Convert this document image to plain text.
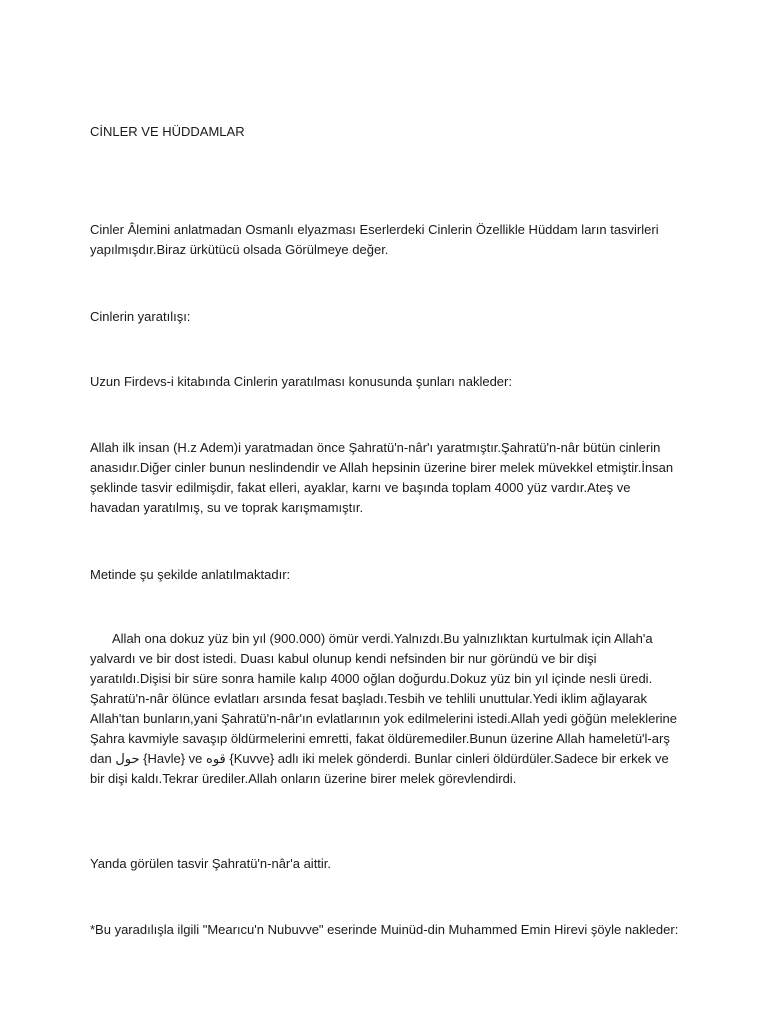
CİNLER VE HÜDDAMLAR

Cinler Âlemini anlatmadan Osmanlı elyazması Eserlerdeki Cinlerin Özellikle Hüddam ların tasvirleri yapılmışdır.Biraz ürkütücü olsada Görülmeye değer.

Cinlerin yaratılışı:

Uzun Firdevs-i kitabında Cinlerin yaratılması konusunda şunları nakleder:

Allah ilk insan (H.z Adem)i yaratmadan önce Şahratü'n-nâr'ı yaratmıştır.Şahratü'n-nâr bütün cinlerin anasıdır.Diğer cinler bunun neslindendir ve Allah hepsinin üzerine birer melek müvekkel etmiştir.İnsan şeklinde tasvir edilmişdir, fakat elleri, ayaklar, karnı ve başında toplam 4000 yüz vardır.Ateş ve havadan yaratılmış, su ve toprak karışmamıştır.

Metinde şu şekilde anlatılmaktadır:

Allah ona dokuz yüz bin yıl (900.000) ömür verdi.Yalnızdı.Bu yalnızlıktan kurtulmak için Allah'a yalvardı ve bir dost istedi. Duası kabul olunup kendi nefsinden bir nur göründü ve bir dişi yaratıldı.Dişisi bir süre sonra hamile kalıp 4000 oğlan doğurdu.Dokuz yüz bin yıl içinde nesli üredi. Şahratü'n-nâr ölünce evlatları arsında fesat başladı.Tesbih ve tehlili unuttular.Yedi iklim ağlayarak Allah'tan bunların,yani Şahratü'n-nâr'ın evlatlarının yok edilmelerini istedi.Allah yedi göğün meleklerine Şahra kavmiyle savaşıp öldürmelerini emretti, fakat öldüremediler.Bunun üzerine Allah hameletü'l-arş dan حول {Havle} ve قوه {Kuvve} adlı iki melek gönderdi. Bunlar cinleri öldürdüler.Sadece bir erkek ve bir dişi kaldı.Tekrar ürediler.Allah onların üzerine birer melek görevlendirdi.

Yanda görülen tasvir Şahratü'n-nâr'a aittir.

*Bu yaradılışla ilgili "Mearıcu'n Nubuvve" eserinde Muinüd-din Muhammed Emin Hirevi şöyle nakleder:
